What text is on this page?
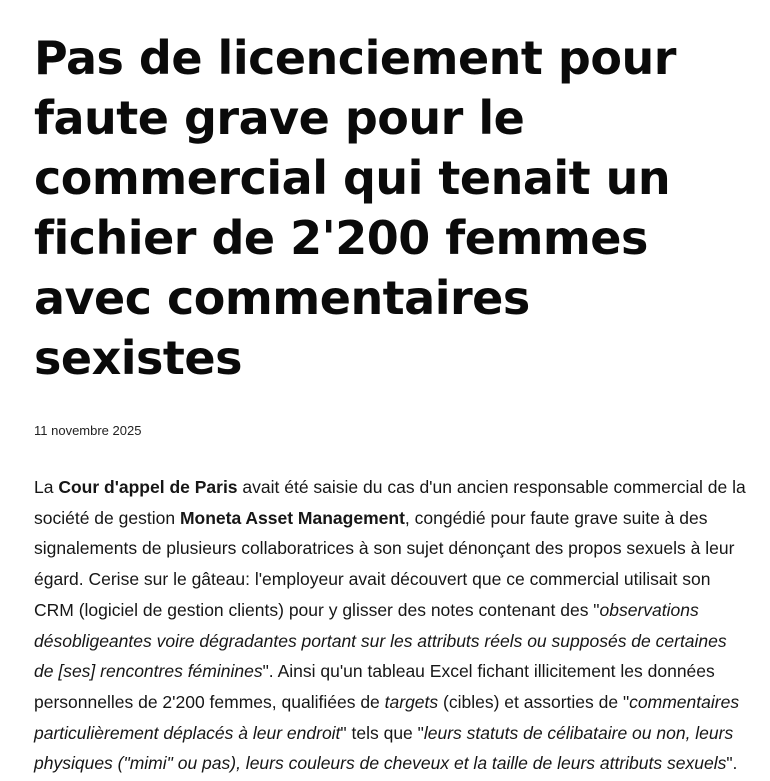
Pas de licenciement pour faute grave pour le commercial qui tenait un fichier de 2'200 femmes avec commentaires sexistes
11 novembre 2025

La Cour d'appel de Paris avait été saisie du cas d'un ancien responsable commercial de la société de gestion Moneta Asset Management, congédié pour faute grave suite à des signalements de plusieurs collaboratrices à son sujet dénonçant des propos sexuels à leur égard. Cerise sur le gâteau: l'employeur avait découvert que ce commercial utilisait son CRM (logiciel de gestion clients) pour y glisser des notes contenant des "observations désobligeantes voire dégradantes portant sur les attributs réels ou supposés de certaines de [ses] rencontres féminines". Ainsi qu'un tableau Excel fichant illicitement les données personnelles de 2'200 femmes, qualifiées de targets (cibles) et assorties de "commentaires particulièrement déplacés à leur endroit" tels que "leurs statuts de célibataire ou non, leurs physiques ("mimi" ou pas), leurs couleurs de cheveux et la taille de leurs attributs sexuels".
